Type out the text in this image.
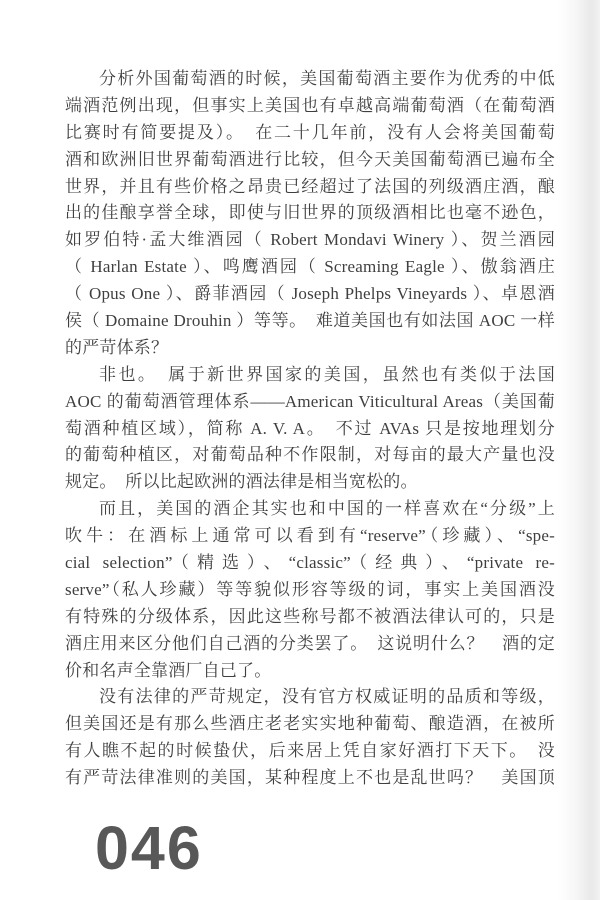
分析外国葡萄酒的时候，美国葡萄酒主要作为优秀的中低

端酒范例出现，但事实上美国也有卓越高端葡萄酒（在葡萄酒

比赛时有简要提及）。　在二十几年前，没有人会将美国葡萄

酒和欧洲旧世界葡萄酒进行比较，但今天美国葡萄酒已遍布全

世界，并且有些价格之昂贵已经超过了法国的列级酒庄酒，酿

出的佳酿享誉全球，即使与旧世界的顶级酒相比也毫不逊色，

如罗伯特·孟大维酒园（ Robert Mondavi Winery ）、贺兰酒园

（ Harlan Estate ）、鸣鹰酒园（ Screaming Eagle ）、傲翁酒庄

（ Opus One ）、爵菲酒园（ Joseph Phelps Vineyards ）、卓恩酒

侯（ Domaine Drouhin ）等等。　难道美国也有如法国 AOC 一样

的严苛体系？

非也。　属于新世界国家的美国，虽然也有类似于法国

AOC 的葡萄酒管理体系——American Viticultural Areas（美国葡

萄酒种植区域），简称 A. V. A。　不过 AVAs 只是按地理划分

的葡萄种植区，对葡萄品种不作限制，对每亩的最大产量也没

规定。　所以比起欧洲的酒法律是相当宽松的。

而且，美国的酒企其实也和中国的一样喜欢在“分级”上

吹牛：在酒标上通常可以看到有“reserve”（珍藏）、“spe-

cial selection”（精选）、“classic”（经典）、“private re-

serve”（私人珍藏）等等貌似形容等级的词，事实上美国酒没

有特殊的分级体系，因此这些称号都不被酒法律认可的，只是

酒庄用来区分他们自己酒的分类罢了。　这说明什么？　酒的定

价和名声全靠酒厂自己了。

没有法律的严苛规定，没有官方权威证明的品质和等级，

但美国还是有那么些酒庄老老实实地种葡萄、酿造酒，在被所

有人瞧不起的时候蛰伏，后来居上凭自家好酒打下天下。　没

有严苛法律准则的美国，某种程度上不也是乱世吗？　美国顶

046
